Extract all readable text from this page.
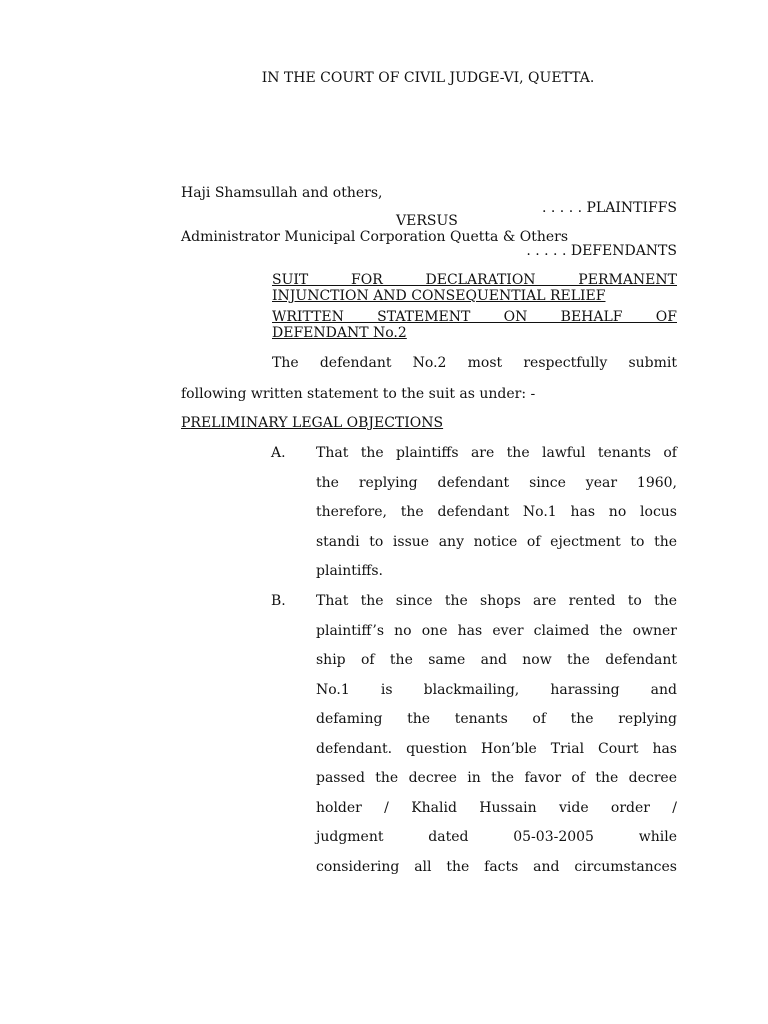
IN THE COURT OF CIVIL JUDGE-VI, QUETTA.
Haji Shamsullah and others,
. . . . . PLAINTIFFS
VERSUS
Administrator Municipal Corporation Quetta & Others
. . . . . DEFENDANTS
SUIT FOR DECLARATION PERMANENT
INJUNCTION AND CONSEQUENTIAL RELIEF
WRITTEN STATEMENT ON BEHALF OF
DEFENDANT No.2
The defendant No.2 most respectfully submit
following written statement to the suit as under: -
PRELIMINARY LEGAL OBJECTIONS
A. That the plaintiffs are the lawful tenants of
the replying defendant since year 1960,
therefore, the defendant No.1 has no locus
standi to issue any notice of ejectment to the
plaintiffs.
B. That the since the shops are rented to the
plaintiff’s no one has ever claimed the owner
ship of the same and now the defendant
No.1 is blackmailing, harassing and
defaming the tenants of the replying
defendant. question Hon’ble Trial Court has
passed the decree in the favor of the decree
holder / Khalid Hussain vide order /
judgment dated 05-03-2005 while
considering all the facts and circumstances
